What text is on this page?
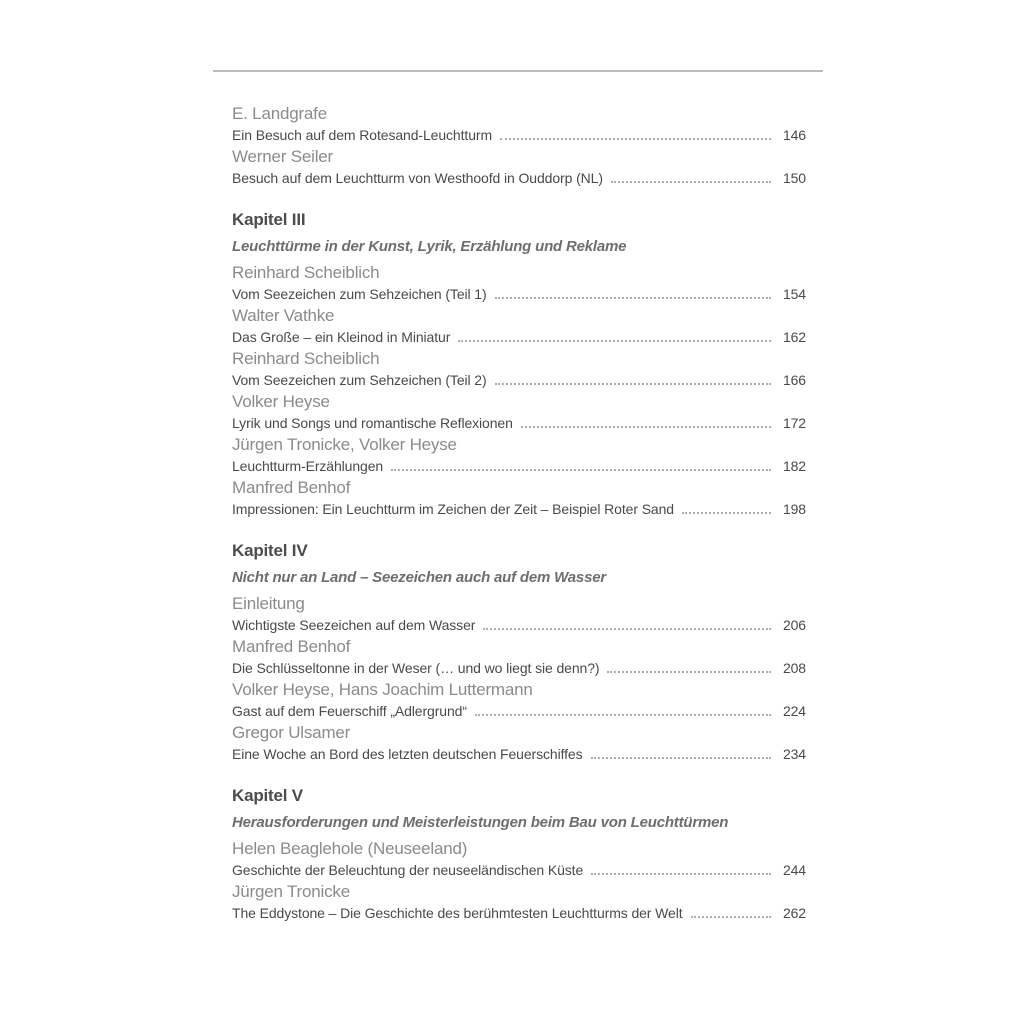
E. Landgrafe
Ein Besuch auf dem Rotesand-Leuchtturm	146
Werner Seiler
Besuch auf dem Leuchtturm von Westhoofd in Ouddorp (NL)	150
Kapitel III

Leuchttürme in der Kunst, Lyrik, Erzählung und Reklame

Reinhard Scheiblich
Vom Seezeichen zum Sehzeichen (Teil 1)	154
Walter Vathke
Das Große – ein Kleinod in Miniatur	162
Reinhard Scheiblich
Vom Seezeichen zum Sehzeichen (Teil 2)	166
Volker Heyse
Lyrik und Songs und romantische Reflexionen	172
Jürgen Tronicke, Volker Heyse
Leuchtturm-Erzählungen	182
Manfred Benhof
Impressionen: Ein Leuchtturm im Zeichen der Zeit – Beispiel Roter Sand	198
Kapitel IV

Nicht nur an Land – Seezeichen auch auf dem Wasser

Einleitung
Wichtigste Seezeichen auf dem Wasser	206
Manfred Benhof
Die Schlüsseltonne in der Weser (… und wo liegt sie denn?)	208
Volker Heyse, Hans Joachim Luttermann
Gast auf dem Feuerschiff „Adlergrund“	224
Gregor Ulsamer
Eine Woche an Bord des letzten deutschen Feuerschiffes	234
Kapitel V

Herausforderungen und Meisterleistungen beim Bau von Leuchttürmen

Helen Beaglehole (Neuseeland)
Geschichte der Beleuchtung der neuseeländischen Küste	244
Jürgen Tronicke
The Eddystone – Die Geschichte des berühmtesten Leuchtturms der Welt	262
